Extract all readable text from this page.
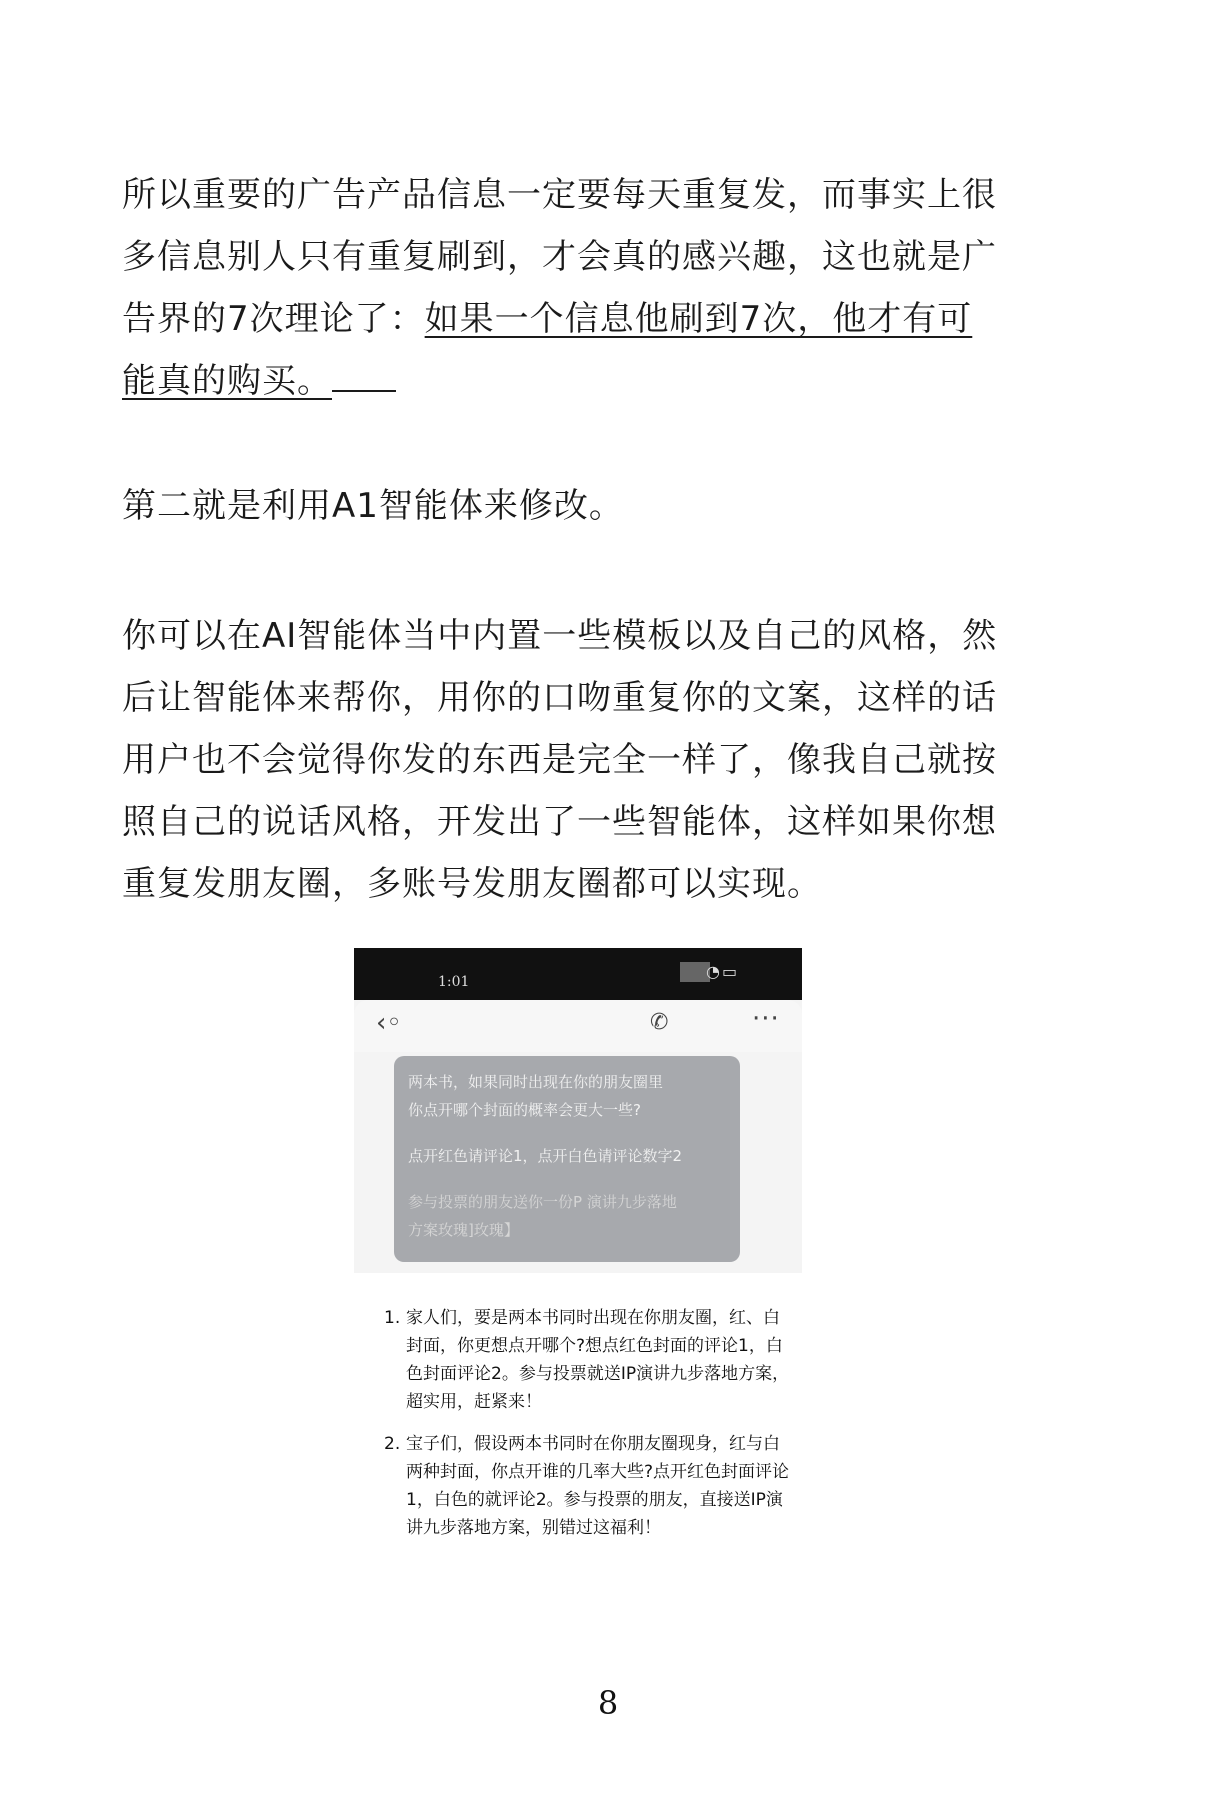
所以重要的广告产品信息一定要每天重复发，而事实上很多信息别人只有重复刷到，才会真的感兴趣，这也就是广告界的7次理论了：如果一个信息他刷到7次，他才有可能真的购买。

第二就是利用A1智能体来修改。

你可以在AI智能体当中内置一些模板以及自己的风格，然后让智能体来帮你，用你的口吻重复你的文案，这样的话用户也不会觉得你发的东西是完全一样了，像我自己就按照自己的说话风格，开发出了一些智能体，这样如果你想重复发朋友圈，多账号发朋友圈都可以实现。

1:01
◔▭
‹◦	✆	···

两本书，如果同时出现在你的朋友圈里

你点开哪个封面的概率会更大一些?

点开红色请评论1，点开白色请评论数字2

参与投票的朋友送你一份P 演讲九步落地

方案玫瑰]玫瑰】

1. 家人们，要是两本书同时出现在你朋友圈，红、白封面，你更想点开哪个?想点红色封面的评论1，白色封面评论2。参与投票就送IP演讲九步落地方案，超实用，赶紧来！
2. 宝子们，假设两本书同时在你朋友圈现身，红与白两种封面，你点开谁的几率大些?点开红色封面评论1，白色的就评论2。参与投票的朋友，直接送IP演讲九步落地方案，别错过这福利！
8
